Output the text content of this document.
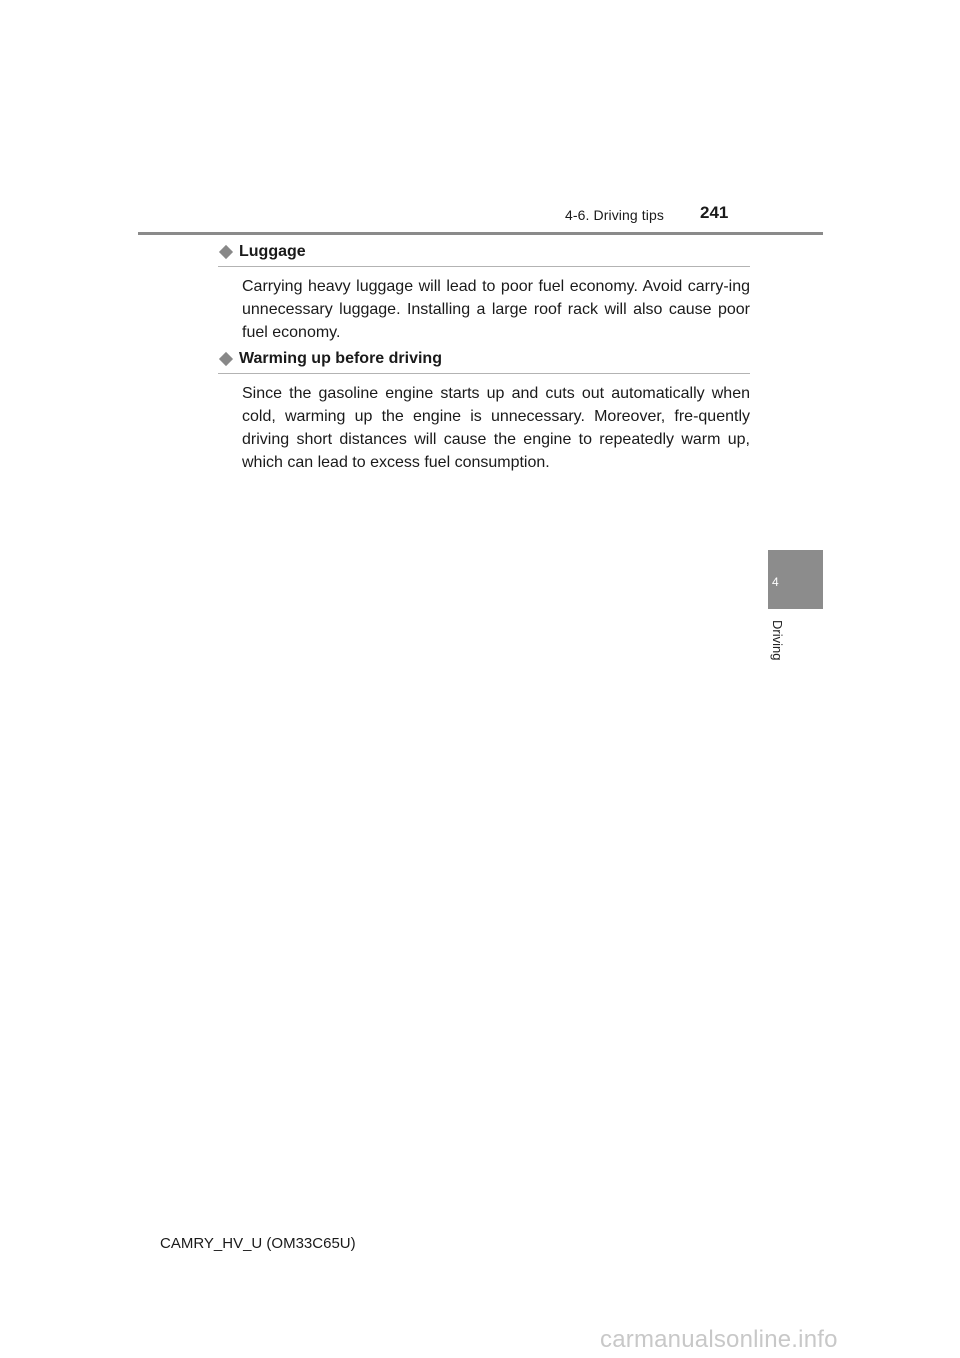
4-6. Driving tips 241
4
Driving
Luggage

Carrying heavy luggage will lead to poor fuel economy. Avoid carry-ing unnecessary luggage. Installing a large roof rack will also cause poor fuel economy.

Warming up before driving

Since the gasoline engine starts up and cuts out automatically when cold, warming up the engine is unnecessary. Moreover, fre-quently driving short distances will cause the engine to repeatedly warm up, which can lead to excess fuel consumption.

CAMRY_HV_U (OM33C65U)
carmanualsonline.info
